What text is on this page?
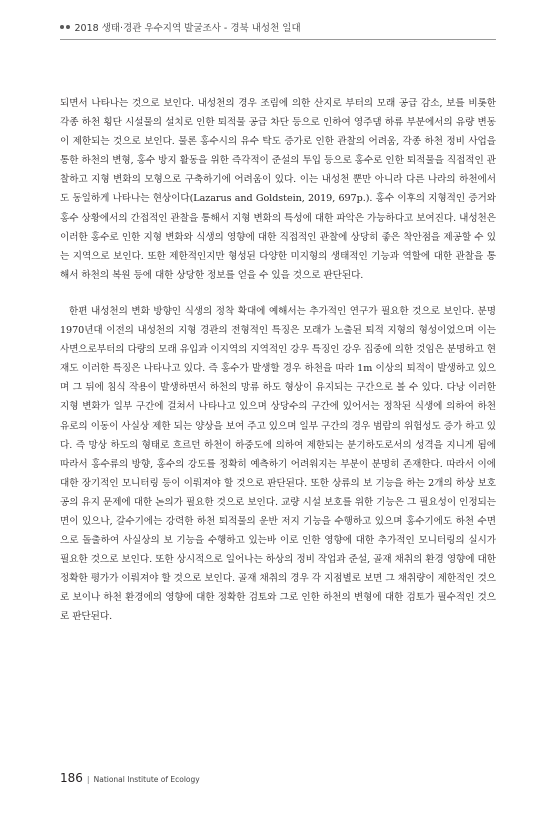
2018 생태·경관 우수지역 발굴조사 - 경북 내성천 일대

되면서 나타나는 것으로 보인다. 내성천의 경우 조림에 의한 산지로 부터의 모래 공급 감소, 보를 비롯한 각종 하천 횡단 시설물의 설치로 인한 퇴적물 공급 차단 등으로 인하여 영주댐 하류 부분에서의 유량 변동이 제한되는 것으로 보인다. 물론 홍수시의 유수 탁도 증가로 인한 관찰의 어려움, 각종 하천 정비 사업을 통한 하천의 변형, 홍수 방지 활동을 위한 즉각적이 준설의 투입 등으로 홍수로 인한 퇴적물을 직접적인 관찰하고 지형 변화의 모형으로 구축하기에 어려움이 있다. 이는 내성천 뿐만 아니라 다른 나라의 하천에서도 동일하게 나타나는 현상이다(Lazarus and Goldstein, 2019, 697p.). 홍수 이후의 지형적인 증거와 홍수 상황에서의 간접적인 관찰을 통해서 지형 변화의 특성에 대한 파악은 가능하다고 보여진다. 내성천은 이러한 홍수로 인한 지형 변화와 식생의 영향에 대한 직접적인 관찰에 상당히 좋은 착안점을 제공할 수 있는 지역으로 보인다. 또한 제한적인지만 형성된 다양한 미지형의 생태적인 기능과 역할에 대한 관찰을 통해서 하천의 복원 등에 대한 상당한 정보를 얻을 수 있을 것으로 판단된다.

한편 내성천의 변화 방향인 식생의 정착 확대에 예해서는 추가적인 연구가 필요한 것으로 보인다. 분명 1970년대 이전의 내성천의 지형 경관의 전형적인 특징은 모래가 노출된 퇴적 지형의 형성이었으며 이는 사면으로부터의 다량의 모래 유입과 이지역의 지역적인 강우 특징인 강우 집중에 의한 것임은 분명하고 현재도 이러한 특징은 나타나고 있다. 즉 홍수가 발생할 경우 하천을 따라 1m 이상의 퇴적이 발생하고 있으며 그 뒤에 침식 작용이 발생하면서 하천의 망류 하도 형상이 유지되는 구간으로 볼 수 있다. 다낭 이러한 지형 변화가 일부 구간에 걸쳐서 나타나고 있으며 상당수의 구간에 있어서는 정착된 식생에 의하여 하천 유로의 이동이 사실상 제한 되는 양상을 보여 주고 있으며 일부 구간의 경우 범람의 위험성도 증가 하고 있다. 즉 망상 하도의 형태로 흐르던 하천이 하중도에 의하여 제한되는 분기하도로서의 성격을 지니게 됨에 따라서 홍수류의 방향, 홍수의 강도를 정확히 예측하기 어려워지는 부분이 분명히 존재한다. 따라서 이에 대한 장기적인 모니터링 등이 이뤄져야 할 것으로 판단된다. 또한 상류의 보 기능을 하는 2개의 하상 보호공의 유지 문제에 대한 논의가 필요한 것으로 보인다. 교량 시설 보호를 위한 기능은 그 필요성이 인정되는 면이 있으나, 갈수기에는 강력한 하천 퇴적물의 운반 저지 기능을 수행하고 있으며 홍수기에도 하천 수면으로 돌출하여 사실상의 보 기능을 수행하고 있는바 이로 인한 영향에 대한 추가적인 모니터링의 실시가 필요한 것으로 보인다. 또한 상시적으로 일어나는 하상의 정비 작업과 준설, 골재 채취의 환경 영향에 대한 정확한 평가가 이뤄져야 할 것으로 보인다. 골재 채취의 경우 각 지점별로 보면 그 채취량이 제한적인 것으로 보이나 하천 환경에의 영향에 대한 정확한 검토와 그로 인한 하천의 변형에 대한 검토가 필수적인 것으로 판단된다.

186 | National Institute of Ecology
